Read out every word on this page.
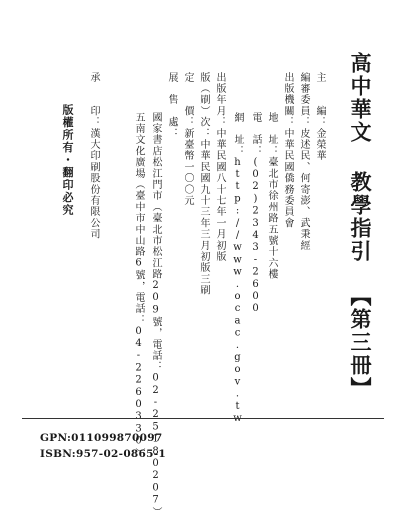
高中華文 教學指引
【第三冊】
主　　編：金榮華
編審委員：皮述民、何寄澎、武秉經
出版機關：中華民國僑務委員會
地　址：臺北市徐州路五號十六樓
電　話：(02)2343-2600
網　址：http://www.ocac.gov.tw
出版年月：中華民國八十七年一月初版
版（刷）次：中華民國九十三年三月初版三刷
定　　價：新臺幣一〇〇元
展　售　處：
國家書店松江門市（臺北市松江路209號，電話：02-25180207）
五南文化廣場（臺中市中山路6號，電話：04-2260330）
承　　印：漢大印刷股份有限公司
版權所有・翻印必究
GPN:011099870097
ISBN:957-02-0865-1
